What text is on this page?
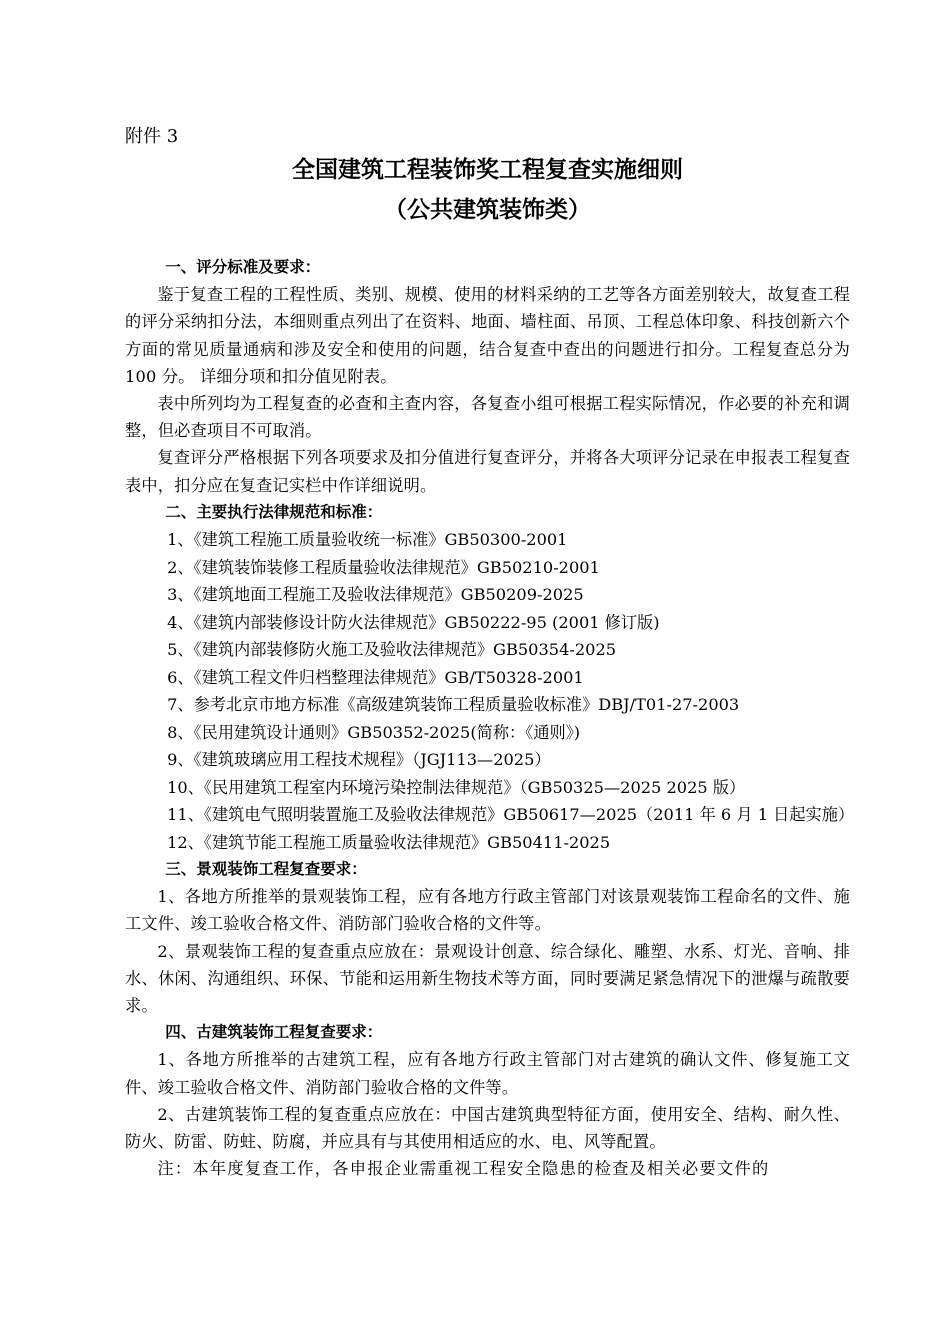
附件 3

全国建筑工程装饰奖工程复查实施细则
（公共建筑装饰类）

一、评分标准及要求：

鉴于复查工程的工程性质、类别、规模、使用的材料采纳的工艺等各方面差别较大，故复查工程的评分采纳扣分法，本细则重点列出了在资料、地面、墙柱面、吊顶、工程总体印象、科技创新六个方面的常见质量通病和涉及安全和使用的问题，结合复查中查出的问题进行扣分。工程复查总分为 100 分。 详细分项和扣分值见附表。

表中所列均为工程复查的必查和主查内容，各复查小组可根据工程实际情况，作必要的补充和调整，但必查项目不可取消。

复查评分严格根据下列各项要求及扣分值进行复查评分，并将各大项评分记录在申报表工程复查表中，扣分应在复查记实栏中作详细说明。

二、主要执行法律规范和标准：

1、《建筑工程施工质量验收统一标准》GB50300-2001

2、《建筑装饰装修工程质量验收法律规范》GB50210-2001

3、《建筑地面工程施工及验收法律规范》GB50209-2025

4、《建筑内部装修设计防火法律规范》GB50222-95 (2001 修订版)

5、《建筑内部装修防火施工及验收法律规范》GB50354-2025

6、《建筑工程文件归档整理法律规范》GB/T50328-2001

7、参考北京市地方标准《高级建筑装饰工程质量验收标准》DBJ/T01-27-2003

8、《民用建筑设计通则》GB50352-2025(简称：《通则》)

9、《建筑玻璃应用工程技术规程》（JGJ113—2025）

10、《民用建筑工程室内环境污染控制法律规范》（GB50325—2025 2025 版）

11、《建筑电气照明装置施工及验收法律规范》GB50617—2025（2011 年 6 月 1 日起实施）

12、《建筑节能工程施工质量验收法律规范》GB50411-2025

三、景观装饰工程复查要求：

1、各地方所推举的景观装饰工程，应有各地方行政主管部门对该景观装饰工程命名的文件、施工文件、竣工验收合格文件、消防部门验收合格的文件等。

2、景观装饰工程的复查重点应放在：景观设计创意、综合绿化、雕塑、水系、灯光、音响、排水、休闲、沟通组织、环保、节能和运用新生物技术等方面，同时要满足紧急情况下的泄爆与疏散要求。

四、古建筑装饰工程复查要求：

1、各地方所推举的古建筑工程，应有各地方行政主管部门对古建筑的确认文件、修复施工文件、竣工验收合格文件、消防部门验收合格的文件等。

2、古建筑装饰工程的复查重点应放在：中国古建筑典型特征方面，使用安全、结构、耐久性、防火、防雷、防蛀、防腐，并应具有与其使用相适应的水、电、风等配置。

注：本年度复查工作，各申报企业需重视工程安全隐患的检查及相关必要文件的
